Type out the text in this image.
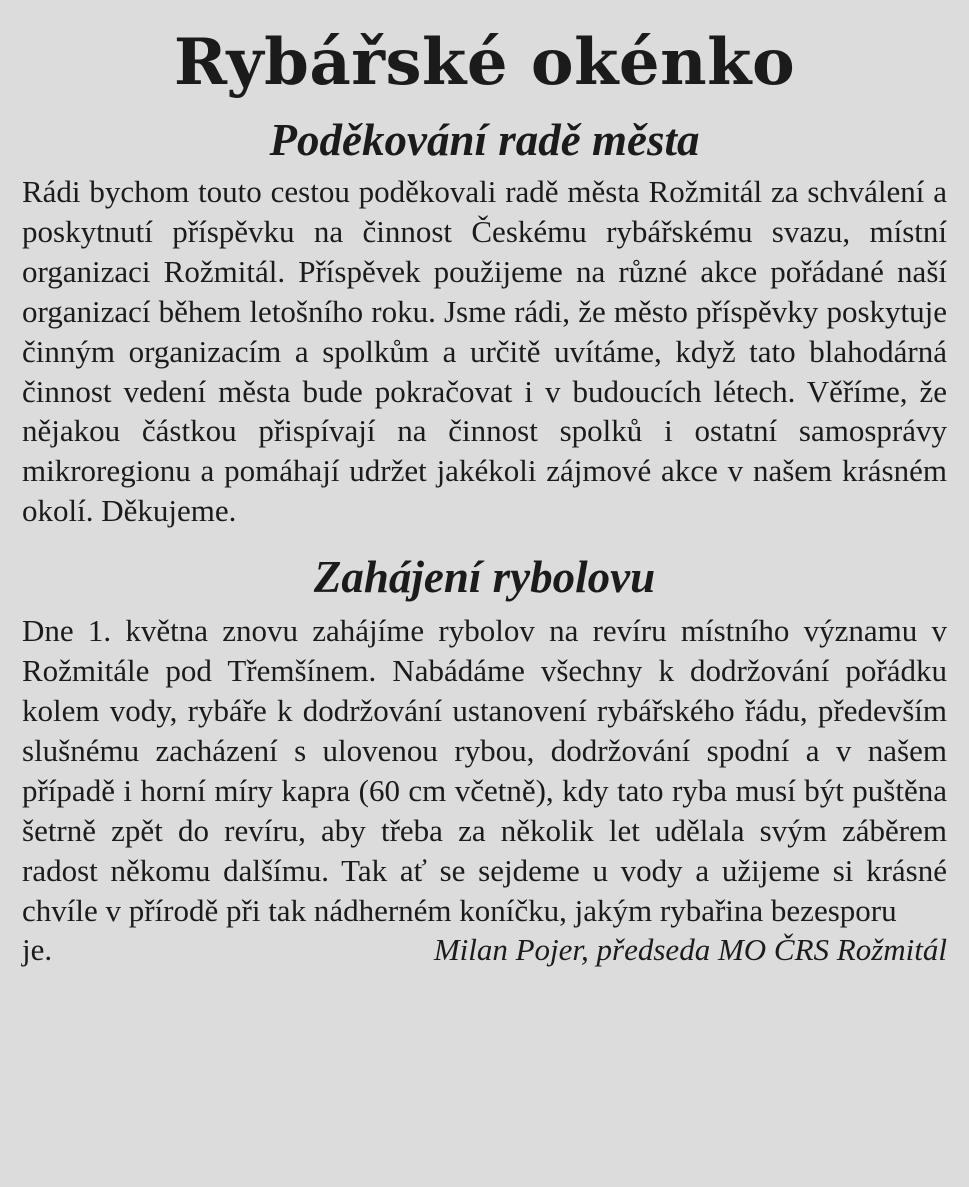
Rybářské okénko
Poděkování radě města

Rádi bychom touto cestou poděkovali radě města Rožmitál za schválení a poskytnutí příspěvku na činnost Českému rybářskému svazu, místní organizaci Rožmitál. Příspěvek použijeme na různé akce pořádané naší organizací během letošního roku. Jsme rádi, že město příspěvky poskytuje činným organizacím a spolkům a určitě uvítáme, když tato blahodárná činnost vedení města bude pokračovat i v budoucích létech. Věříme, že nějakou částkou přispívají na činnost spolků i ostatní samosprávy mikroregionu a pomáhají udržet jakékoli zájmové akce v našem krásném okolí. Děkujeme.

Zahájení rybolovu

Dne 1. května znovu zahájíme rybolov na revíru místního významu v Rožmitále pod Třemšínem. Nabádáme všechny k dodržování pořádku kolem vody, rybáře k dodržování ustanovení rybářského řádu, především slušnému zacházení s ulovenou rybou, dodržování spodní a v našem případě i horní míry kapra (60 cm včetně), kdy tato ryba musí být puštěna šetrně zpět do revíru, aby třeba za několik let udělala svým záběrem radost někomu dalšímu. Tak ať se sejdeme u vody a užijeme si krásné chvíle v přírodě při tak nádherném koníčku, jakým rybařina bezesporu

je.	Milan Pojer, předseda MO ČRS Rožmitál
